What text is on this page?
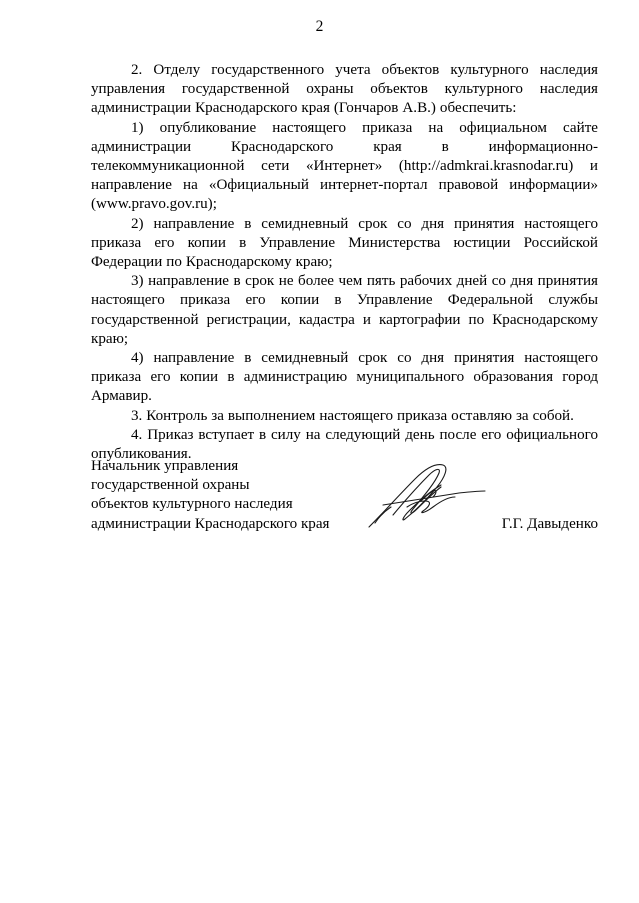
2

2. Отделу государственного учета объектов культурного наследия управления государственной охраны объектов культурного наследия администрации Краснодарского края (Гончаров А.В.) обеспечить:

1) опубликование настоящего приказа на официальном сайте администрации Краснодарского края в информационно-телекоммуникационной сети «Интернет» (http://admkrai.krasnodar.ru) и направление на «Официальный интернет-портал правовой информации» (www.pravo.gov.ru);

2) направление в семидневный срок со дня принятия настоящего приказа его копии в Управление Министерства юстиции Российской Федерации по Краснодарскому краю;

3) направление в срок не более чем пять рабочих дней со дня принятия настоящего приказа его копии в Управление Федеральной службы государственной регистрации, кадастра и картографии по Краснодарскому краю;

4) направление в семидневный срок со дня принятия настоящего приказа его копии в администрацию муниципального образования город Армавир.

3. Контроль за выполнением настоящего приказа оставляю за собой.

4. Приказ вступает в силу на следующий день после его официального опубликования.

Начальник управления
государственной охраны
объектов культурного наследия
администрации Краснодарского края	Г.Г. Давыденко
